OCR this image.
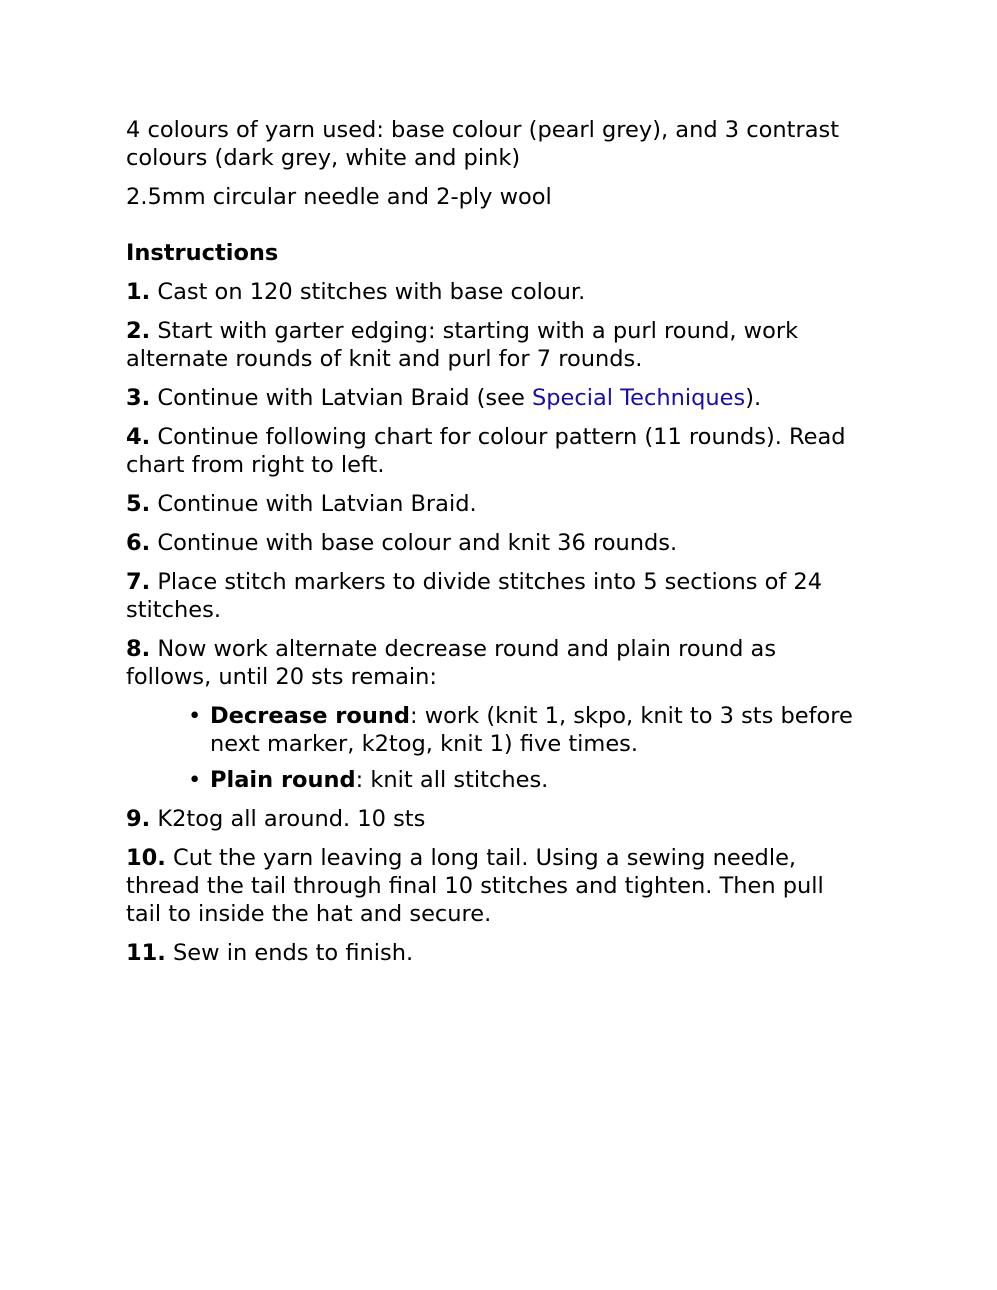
4 colours of yarn used: base colour (pearl grey), and 3 contrast colours (dark grey, white and pink)

2.5mm circular needle and 2-ply wool

Instructions

1. Cast on 120 stitches with base colour.

2. Start with garter edging: starting with a purl round, work alternate rounds of knit and purl for 7 rounds.

3. Continue with Latvian Braid (see Special Techniques).

4. Continue following chart for colour pattern (11 rounds). Read chart from right to left.

5. Continue with Latvian Braid.

6. Continue with base colour and knit 36 rounds.

7. Place stitch markers to divide stitches into 5 sections of 24 stitches.

8. Now work alternate decrease round and plain round as follows, until 20 sts remain:

• Decrease round: work (knit 1, skpo, knit to 3 sts before next marker, k2tog, knit 1) five times.
• Plain round: knit all stitches.

9. K2tog all around. 10 sts

10. Cut the yarn leaving a long tail. Using a sewing needle, thread the tail through final 10 stitches and tighten. Then pull tail to inside the hat and secure.

11. Sew in ends to finish.
